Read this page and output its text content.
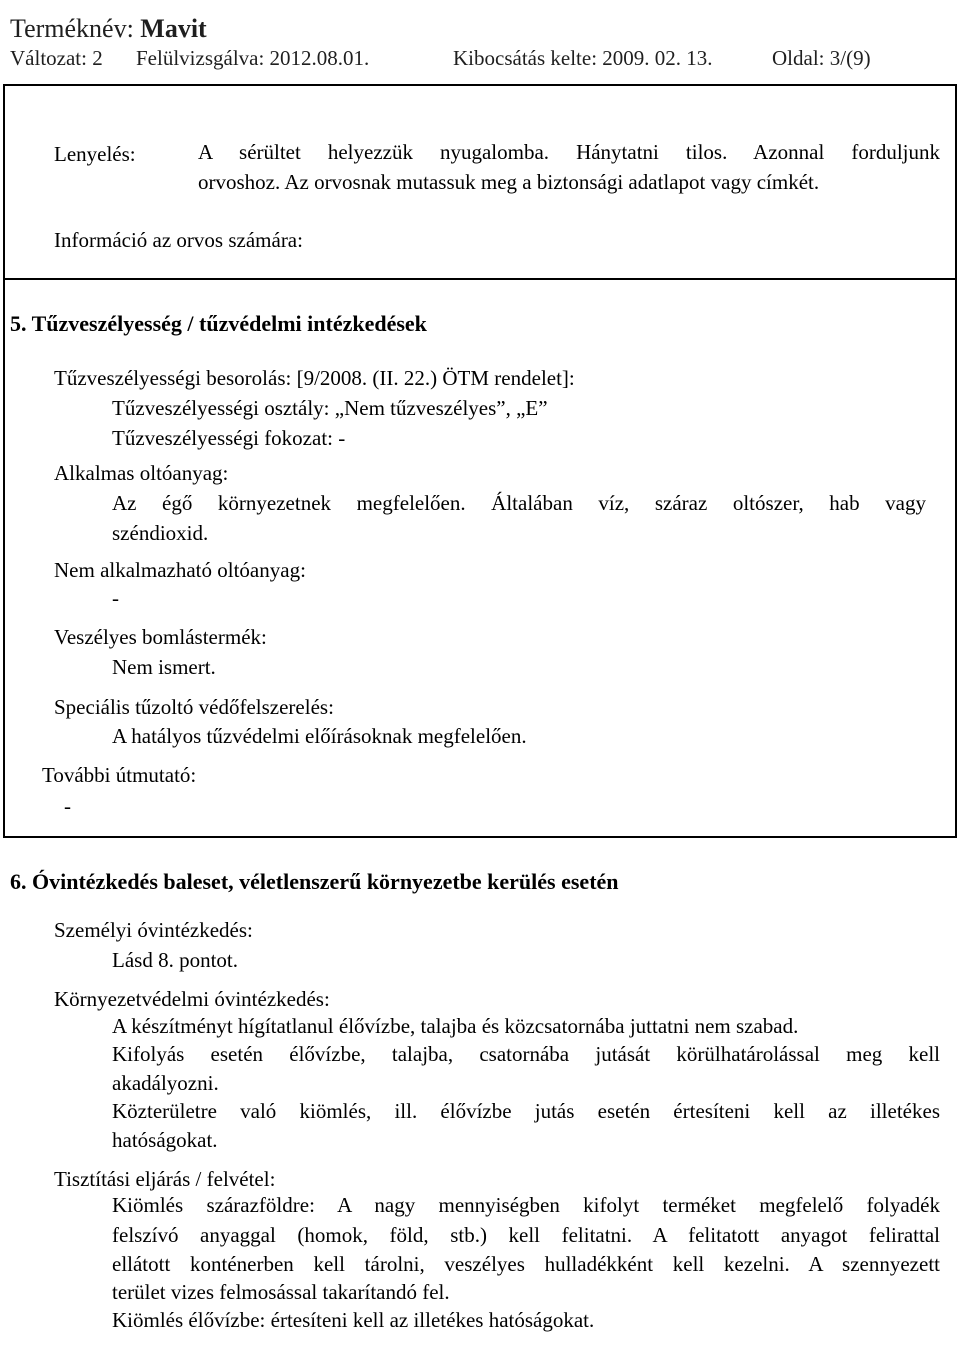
Terméknév: Mavit
Változat: 2 Felülvizsgálva: 2012.08.01.	Kibocsátás kelte: 2009. 02. 13.	Oldal: 3/(9)
Lenyelés:	A sérültet helyezzük nyugalomba. Hánytatni tilos. Azonnal forduljunk
orvoshoz. Az orvosnak mutassuk meg a biztonsági adatlapot vagy címkét.
Információ az orvos számára:
5. Tűzveszélyesség / tűzvédelmi intézkedések
Tűzveszélyességi besorolás: [9/2008. (II. 22.) ÖTM rendelet]:
Tűzveszélyességi osztály: „Nem tűzveszélyes”, „E”
Tűzveszélyességi fokozat: -
Alkalmas oltóanyag:
Az égő környezetnek megfelelően. Általában víz, száraz oltószer, hab vagy
széndioxid.
Nem alkalmazható oltóanyag:
-
Veszélyes bomlástermék:
Nem ismert.
Speciális tűzoltó védőfelszerelés:
A hatályos tűzvédelmi előírásoknak megfelelően.
További útmutató:
-
6. Óvintézkedés baleset, véletlenszerű környezetbe kerülés esetén
Személyi óvintézkedés:
Lásd 8. pontot.
Környezetvédelmi óvintézkedés:
A készítményt hígítatlanul élővízbe, talajba és közcsatornába juttatni nem szabad.
Kifolyás esetén élővízbe, talajba, csatornába jutását körülhatárolással meg kell
akadályozni.
Közterületre való kiömlés, ill. élővízbe jutás esetén értesíteni kell az illetékes
hatóságokat.
Tisztítási eljárás / felvétel:
Kiömlés szárazföldre: A nagy mennyiségben kifolyt terméket megfelelő folyadék
felszívó anyaggal (homok, föld, stb.) kell felitatni. A felitatott anyagot felirattal
ellátott konténerben kell tárolni, veszélyes hulladékként kell kezelni. A szennyezett
terület vizes felmosással takarítandó fel.
Kiömlés élővízbe: értesíteni kell az illetékes hatóságokat.
